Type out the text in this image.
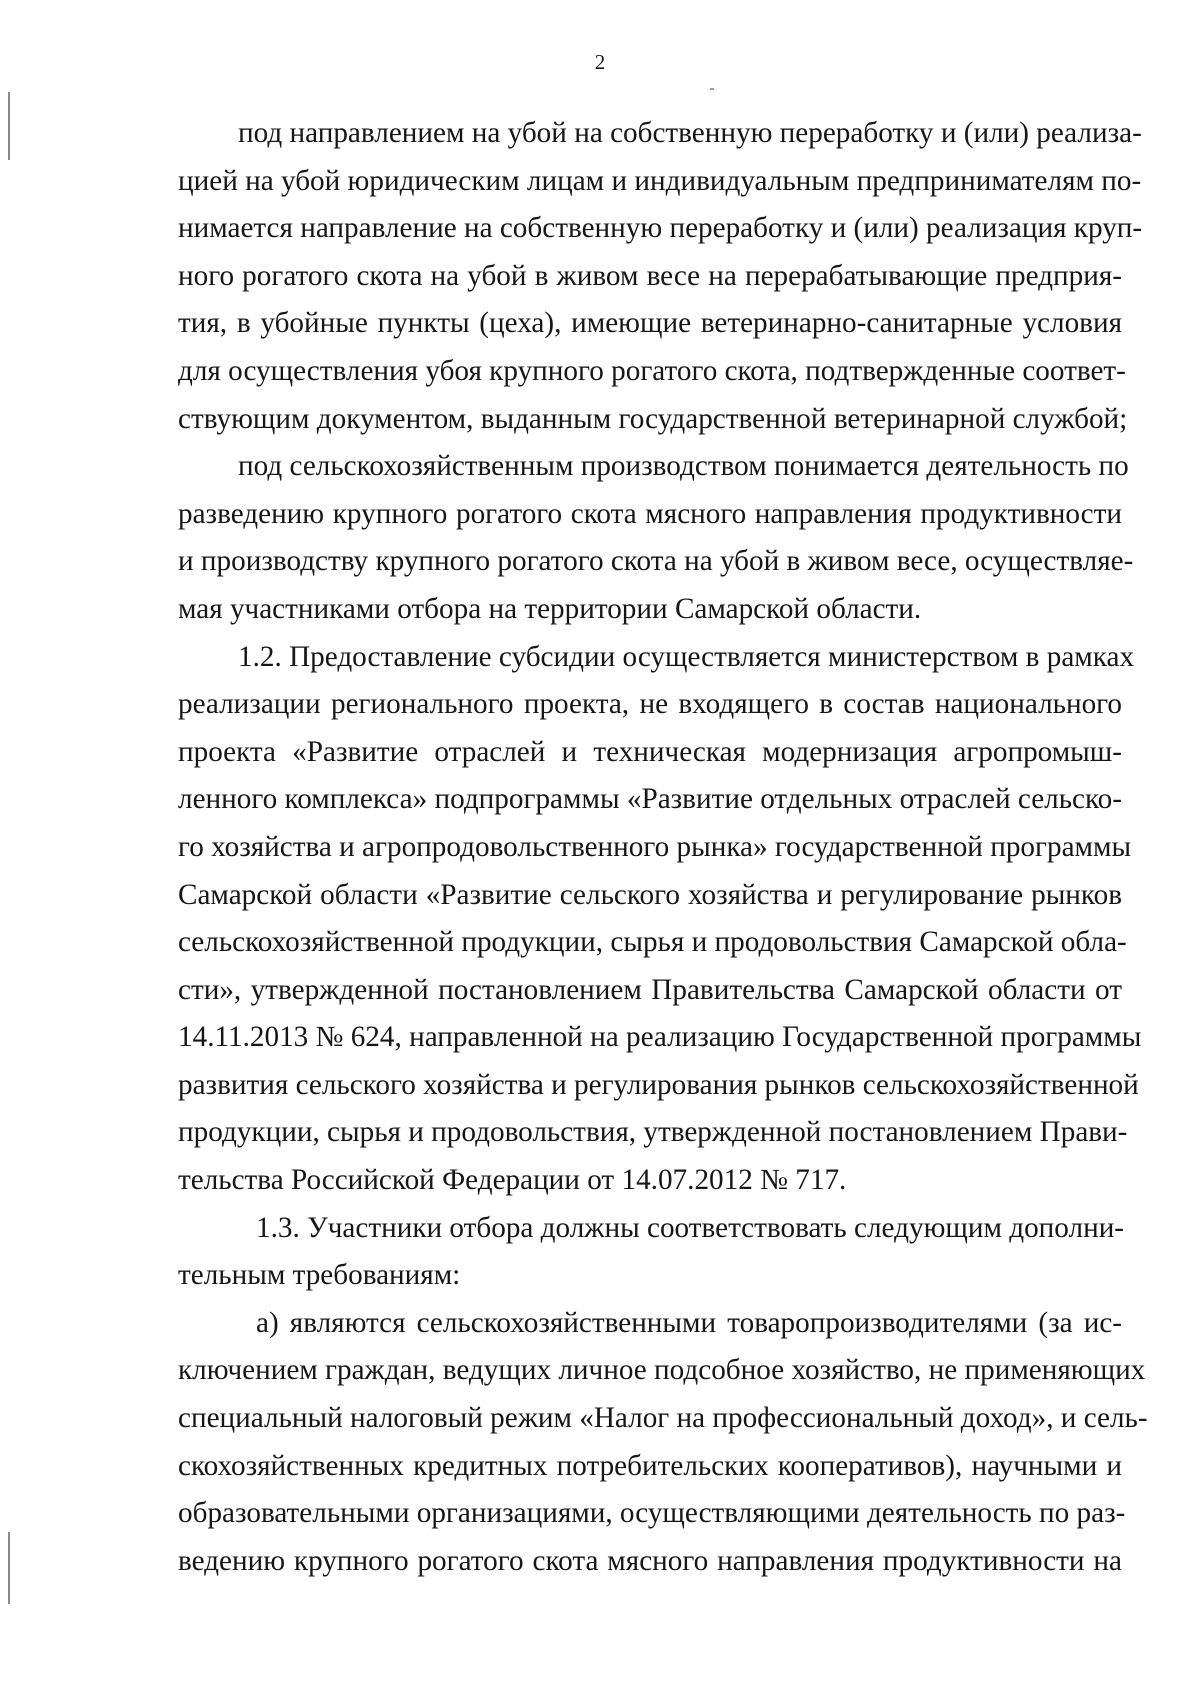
2
под направлением на убой на собственную переработку и (или) реализа-
цией на убой юридическим лицам и индивидуальным предпринимателям по-
нимается направление на собственную переработку и (или) реализация круп-
ного рогатого скота на убой в живом весе на перерабатывающие предприя-
тия, в убойные пункты (цеха), имеющие ветеринарно-санитарные условия
для осуществления убоя крупного рогатого скота, подтвержденные соответ-
ствующим документом, выданным государственной ветеринарной службой;
под сельскохозяйственным производством понимается деятельность по
разведению крупного рогатого скота мясного направления продуктивности
и производству крупного рогатого скота на убой в живом весе, осуществляе-
мая участниками отбора на территории Самарской области.
1.2. Предоставление субсидии осуществляется министерством в рамках
реализации регионального проекта, не входящего в состав национального
проекта «Развитие отраслей и техническая модернизация агропромыш-
ленного комплекса» подпрограммы «Развитие отдельных отраслей сельско-
го хозяйства и агропродовольственного рынка» государственной программы
Самарской области «Развитие сельского хозяйства и регулирование рынков
сельскохозяйственной продукции, сырья и продовольствия Самарской обла-
сти», утвержденной постановлением Правительства Самарской области от
14.11.2013 № 624, направленной на реализацию Государственной программы
развития сельского хозяйства и регулирования рынков сельскохозяйственной
продукции, сырья и продовольствия, утвержденной постановлением Прави-
тельства Российской Федерации от 14.07.2012 № 717.
1.3. Участники отбора должны соответствовать следующим дополни-
тельным требованиям:
а) являются сельскохозяйственными товаропроизводителями (за ис-
ключением граждан, ведущих личное подсобное хозяйство, не применяющих
специальный налоговый режим «Налог на профессиональный доход», и сель-
скохозяйственных кредитных потребительских кооперативов), научными и
образовательными организациями, осуществляющими деятельность по раз-
ведению крупного рогатого скота мясного направления продуктивности на
